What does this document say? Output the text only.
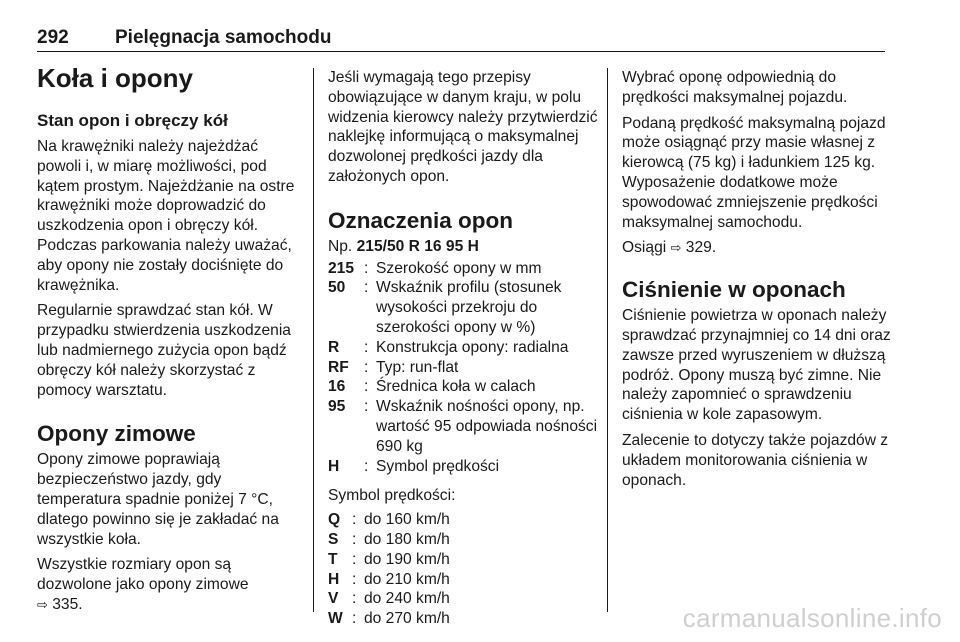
292 Pielęgnacja samochodu
Koła i opony
Stan opon i obręczy kół

Na krawężniki należy najeżdżać powoli i, w miarę możliwości, pod kątem prostym. Najeżdżanie na ostre krawężniki może doprowadzić do uszkodzenia opon i obręczy kół. Podczas parkowania należy uważać, aby opony nie zostały dociśnięte do krawężnika.

Regularnie sprawdzać stan kół. W przypadku stwierdzenia uszkodzenia lub nadmiernego zużycia opon bądź obręczy kół należy skorzystać z pomocy warsztatu.

Opony zimowe

Opony zimowe poprawiają bezpieczeństwo jazdy, gdy temperatura spadnie poniżej 7 °C, dlatego powinno się je zakładać na wszystkie koła.

Wszystkie rozmiary opon są dozwolone jako opony zimowe
⇨ 335.

Jeśli wymagają tego przepisy obowiązujące w danym kraju, w polu widzenia kierowcy należy przytwierdzić naklejkę informującą o maksymalnej dozwolonej prędkości jazdy dla założonych opon.

Oznaczenia opon

Np. 215/50 R 16 95 H

215 : Szerokość opony w mm
50	: Wskaźnik profilu (stosunek wysokości przekroju do szerokości opony w %)
R	: Konstrukcja opony: radialna
RF : Typ: run-flat
16	: Średnica koła w calach
95	: Wskaźnik nośności opony, np. wartość 95 odpowiada nośności 690 kg
H	: Symbol prędkości

Symbol prędkości:

Q : do 160 km/h
S : do 180 km/h
T : do 190 km/h
H : do 210 km/h
V : do 240 km/h
W : do 270 km/h

Wybrać oponę odpowiednią do prędkości maksymalnej pojazdu.

Podaną prędkość maksymalną pojazd może osiągnąć przy masie własnej z kierowcą (75 kg) i ładunkiem 125 kg. Wyposażenie dodatkowe może spowodować zmniejszenie prędkości maksymalnej samochodu.

Osiągi ⇨ 329.

Ciśnienie w oponach

Ciśnienie powietrza w oponach należy sprawdzać przynajmniej co 14 dni oraz zawsze przed wyruszeniem w dłuższą podróż. Opony muszą być zimne. Nie należy zapomnieć o sprawdzeniu ciśnienia w kole zapasowym.

Zalecenie to dotyczy także pojazdów z układem monitorowania ciśnienia w oponach.

carmanualsonline.info
